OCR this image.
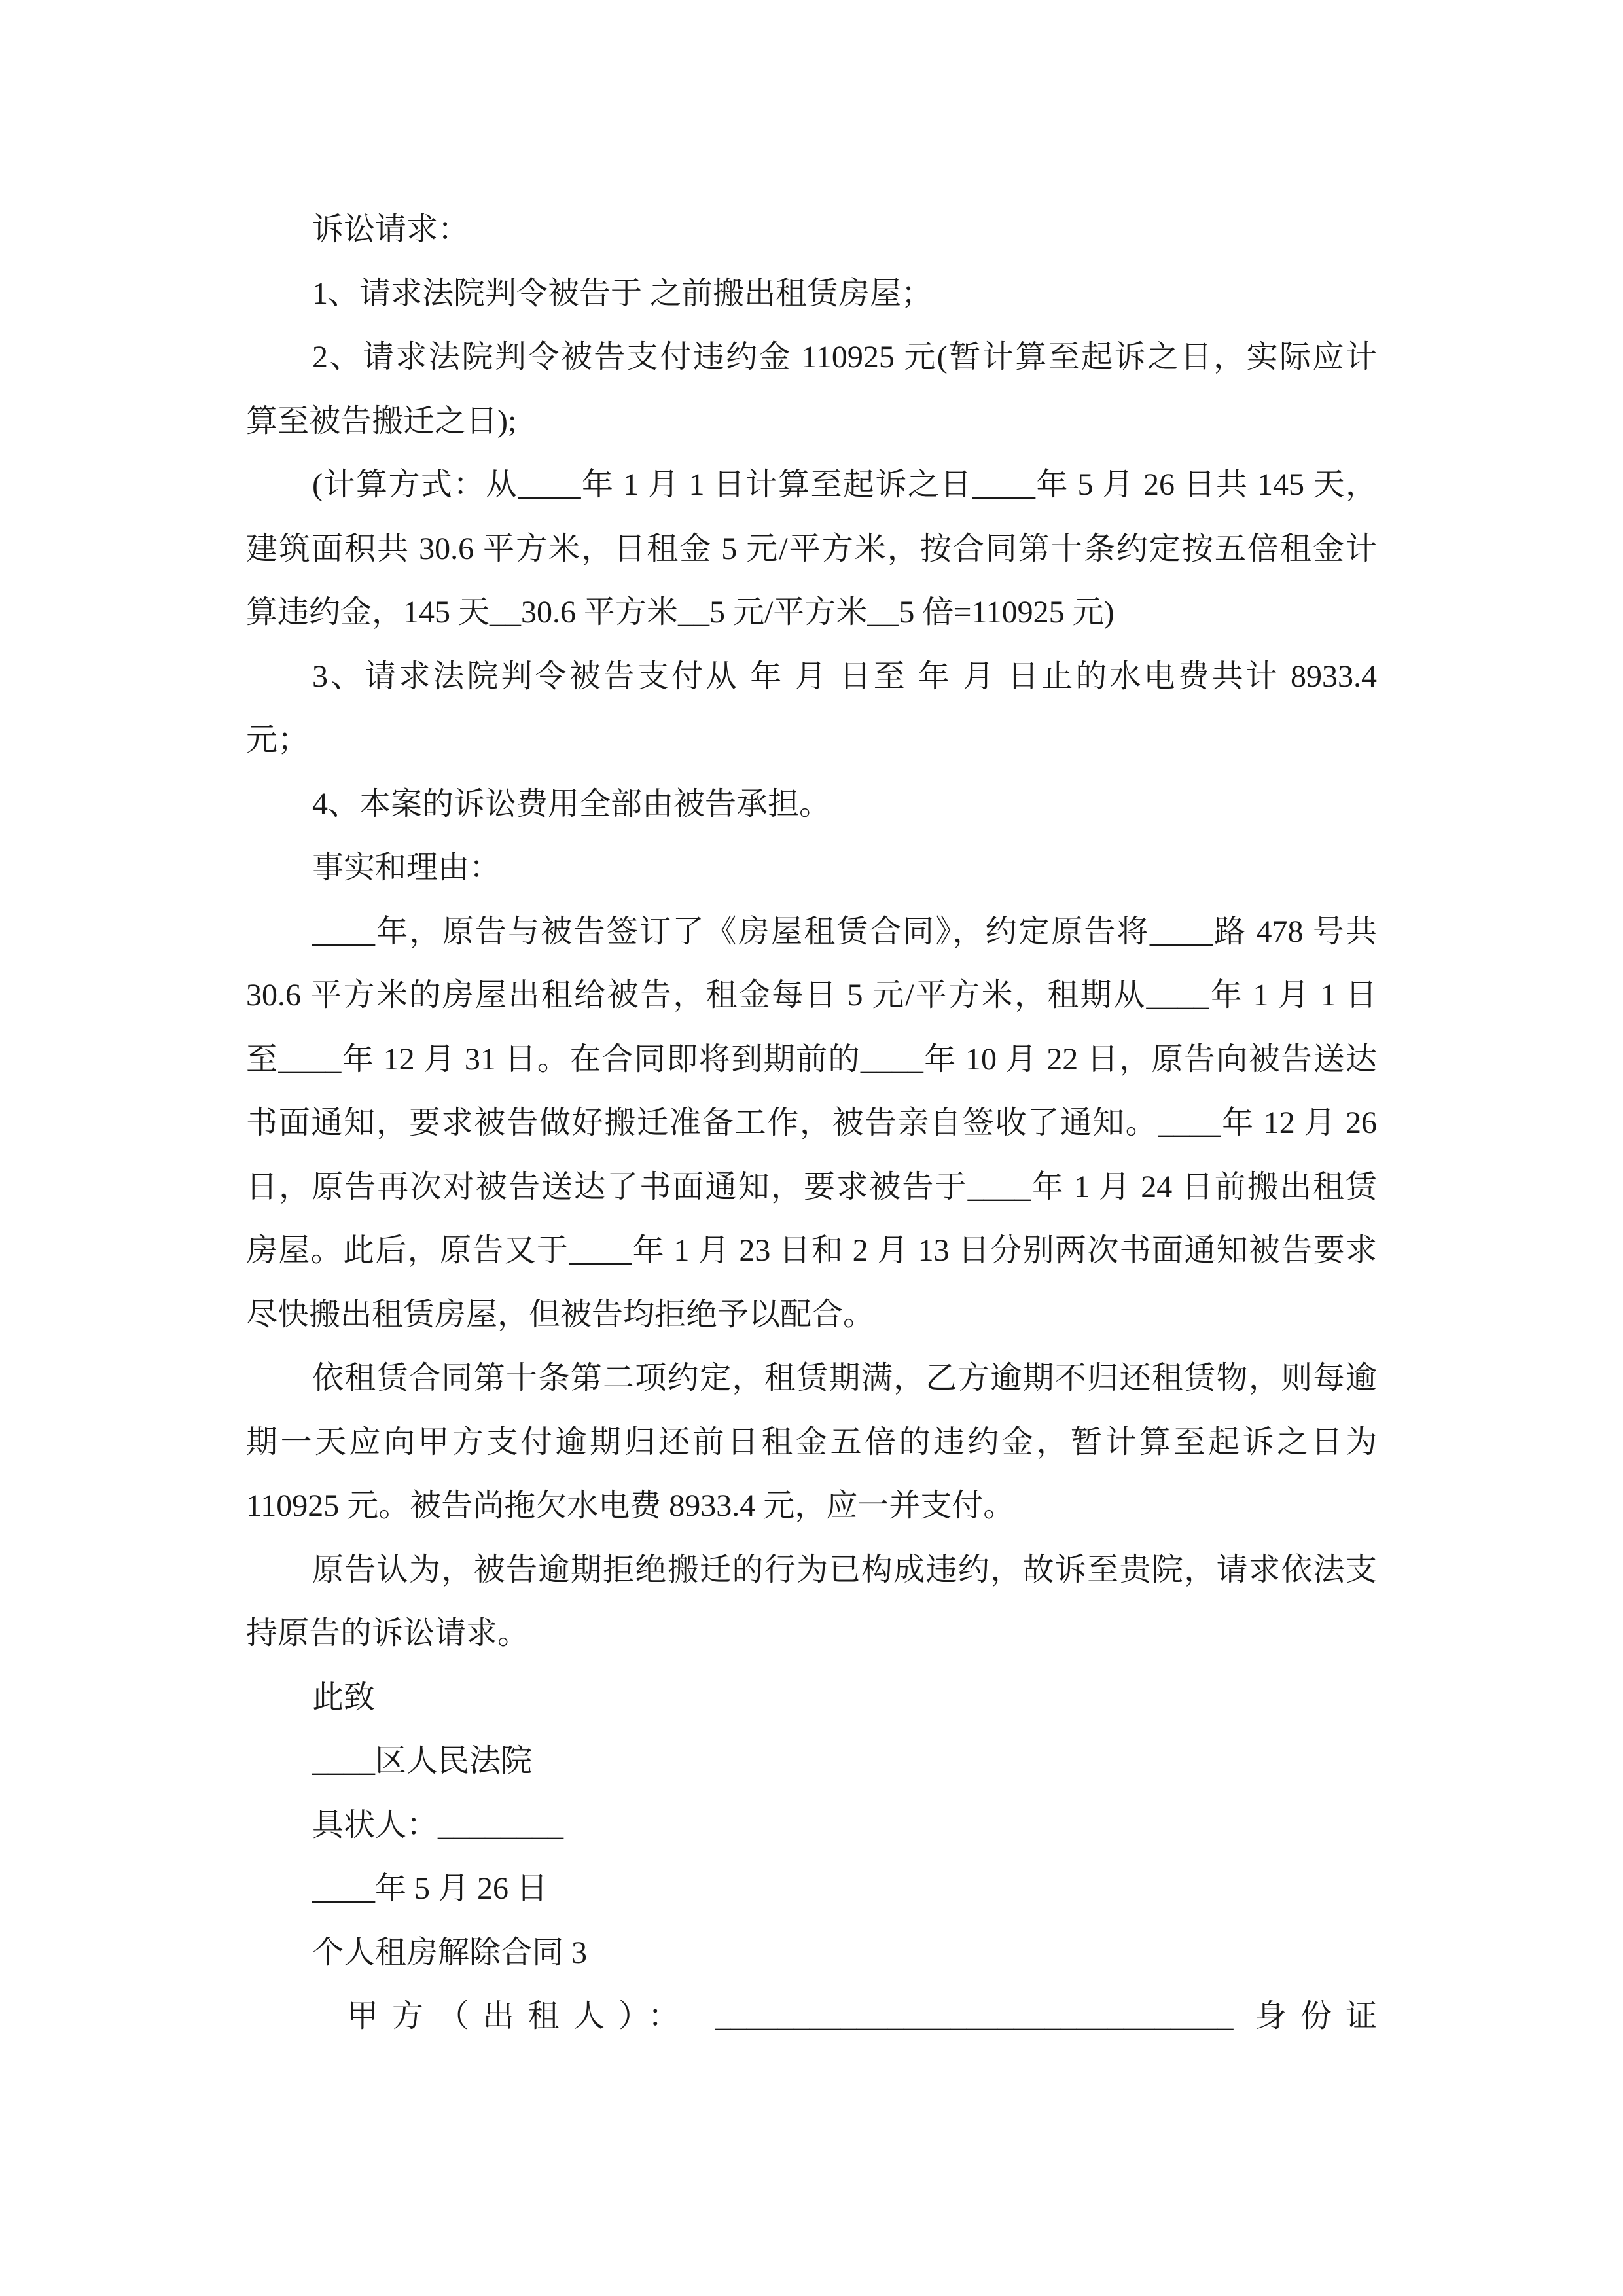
诉讼请求：
1、请求法院判令被告于 之前搬出租赁房屋；
2、请求法院判令被告支付违约金 110925 元(暂计算至起诉之日，实际应计
算至被告搬迁之日);
(计算方式：从____年 1 月 1 日计算至起诉之日____年 5 月 26 日共 145 天，
建筑面积共 30.6 平方米，日租金 5 元/平方米，按合同第十条约定按五倍租金计
算违约金，145 天__30.6 平方米__5 元/平方米__5 倍=110925 元)
3、请求法院判令被告支付从 年 月 日至 年 月 日止的水电费共计 8933.4
元；
4、本案的诉讼费用全部由被告承担。
事实和理由：
____年，原告与被告签订了《房屋租赁合同》，约定原告将____路 478 号共
30.6 平方米的房屋出租给被告，租金每日 5 元/平方米，租期从____年 1 月 1 日
至____年 12 月 31 日。在合同即将到期前的____年 10 月 22 日，原告向被告送达
书面通知，要求被告做好搬迁准备工作，被告亲自签收了通知。____年 12 月 26
日，原告再次对被告送达了书面通知，要求被告于____年 1 月 24 日前搬出租赁
房屋。此后，原告又于____年 1 月 23 日和 2 月 13 日分别两次书面通知被告要求
尽快搬出租赁房屋，但被告均拒绝予以配合。
依租赁合同第十条第二项约定，租赁期满，乙方逾期不归还租赁物，则每逾
期一天应向甲方支付逾期归还前日租金五倍的违约金，暂计算至起诉之日为
110925 元。被告尚拖欠水电费 8933.4 元，应一并支付。
原告认为，被告逾期拒绝搬迁的行为已构成违约，故诉至贵院，请求依法支
持原告的诉讼请求。
此致
____区人民法院
具状人：________
____年 5 月 26 日
个人租房解除合同 3
甲方（出租人）： _________________________________ 身份证
